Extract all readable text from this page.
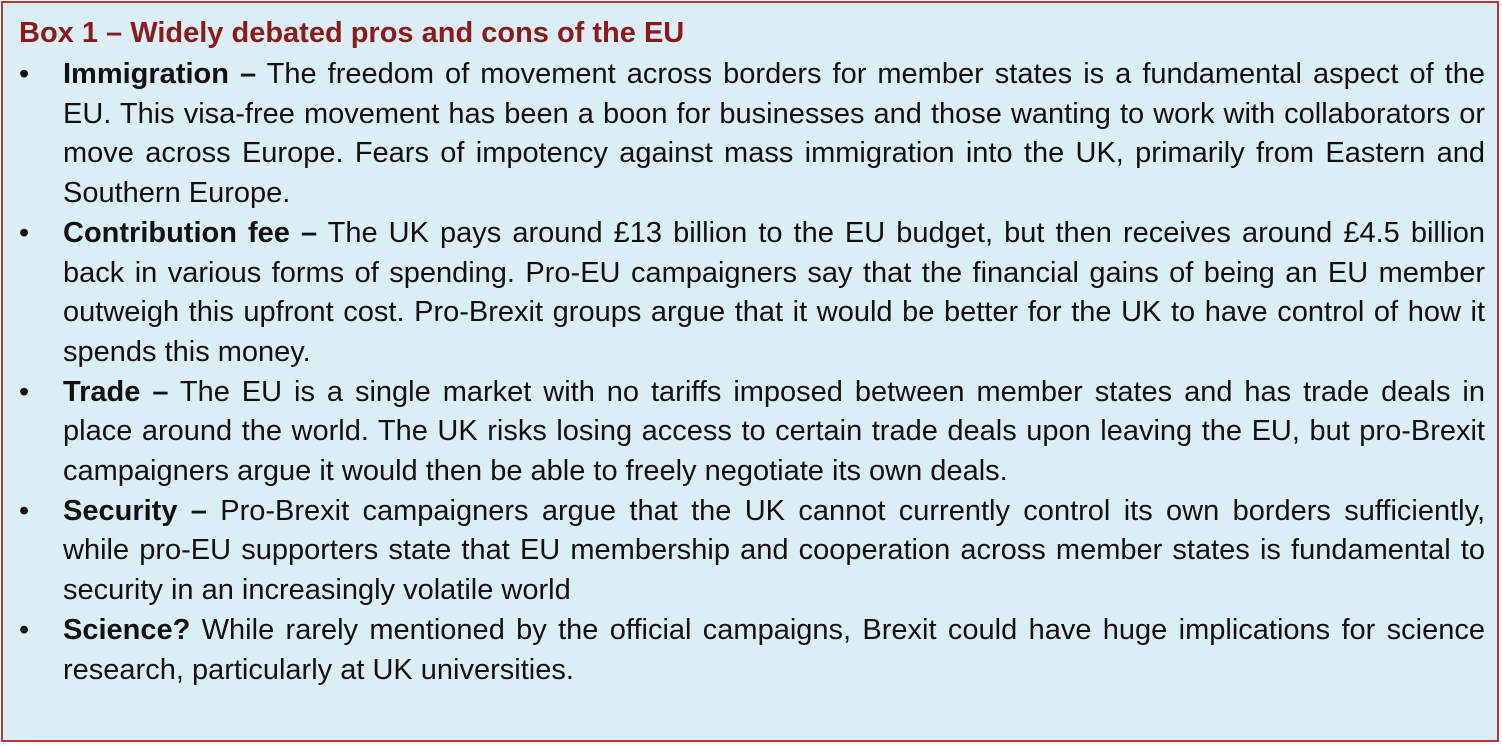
Box 1 – Widely debated pros and cons of the EU
•	Immigration – The freedom of movement across borders for member states is a fundamental aspect of the EU. This visa-free movement has been a boon for businesses and those wanting to work with collaborators or move across Europe. Fears of impotency against mass immigration into the UK, primarily from Eastern and Southern Europe.
•	Contribution fee – The UK pays around £13 billion to the EU budget, but then receives around £4.5 billion back in various forms of spending. Pro-EU campaigners say that the financial gains of being an EU member outweigh this upfront cost. Pro-Brexit groups argue that it would be better for the UK to have control of how it spends this money.
•	Trade – The EU is a single market with no tariffs imposed between member states and has trade deals in place around the world. The UK risks losing access to certain trade deals upon leaving the EU, but pro-Brexit campaigners argue it would then be able to freely negotiate its own deals.
•	Security – Pro-Brexit campaigners argue that the UK cannot currently control its own borders sufficiently, while pro-EU supporters state that EU membership and cooperation across member states is fundamental to security in an increasingly volatile world
•	Science? While rarely mentioned by the official campaigns, Brexit could have huge implications for science research, particularly at UK universities.
